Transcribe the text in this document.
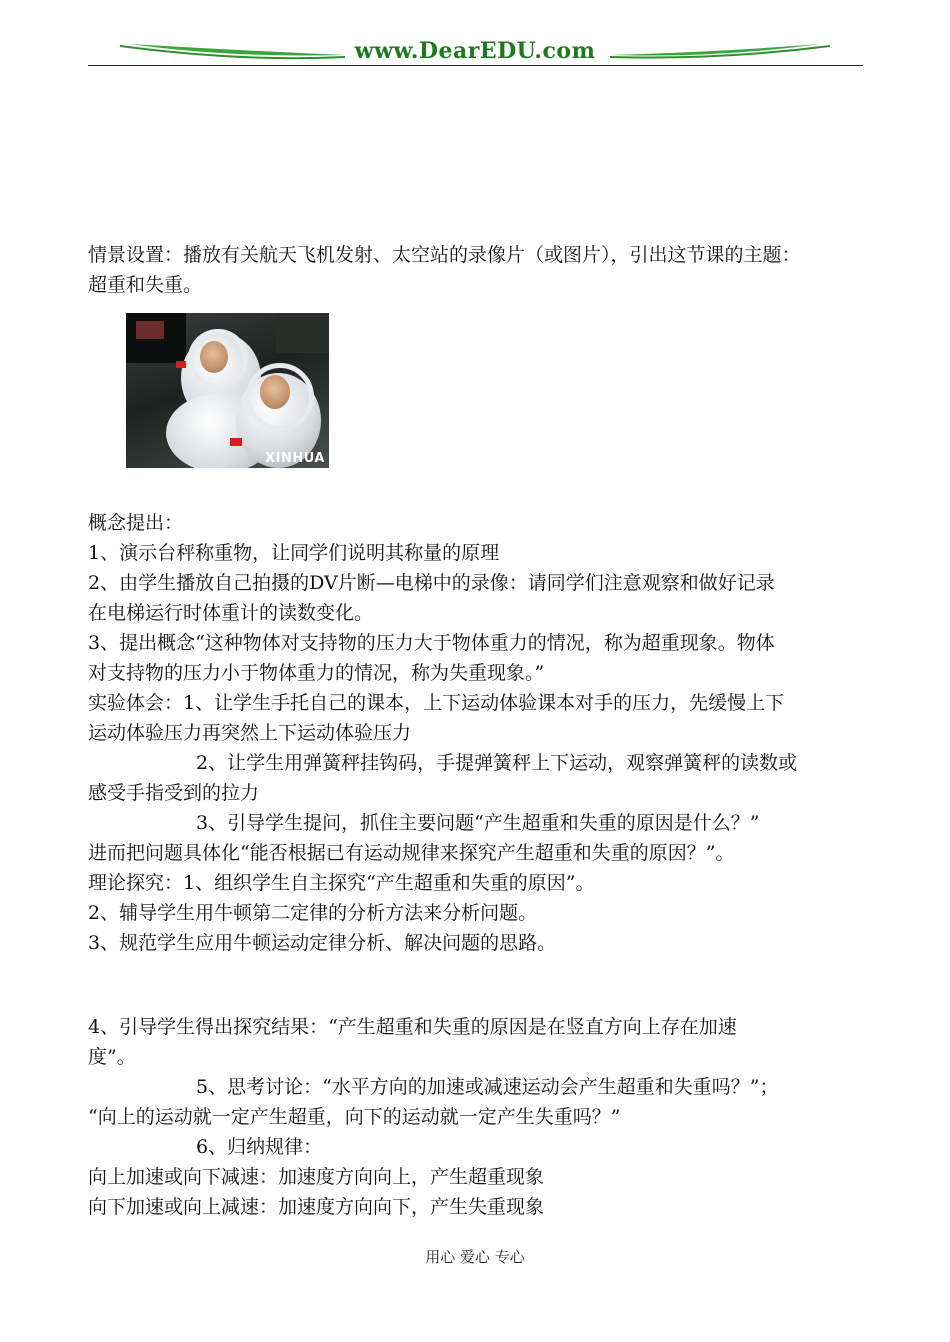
www.DearEDU.com

情景设置：播放有关航天飞机发射、太空站的录像片（或图片），引出这节课的主题：

超重和失重。

XINHUA

概念提出：

1、演示台秤称重物，让同学们说明其称量的原理

2、由学生播放自己拍摄的DV片断—电梯中的录像：请同学们注意观察和做好记录

在电梯运行时体重计的读数变化。

3、提出概念“这种物体对支持物的压力大于物体重力的情况，称为超重现象。物体

对支持物的压力小于物体重力的情况，称为失重现象。”

实验体会：1、让学生手托自己的课本，上下运动体验课本对手的压力，先缓慢上下

运动体验压力再突然上下运动体验压力

2、让学生用弹簧秤挂钩码，手提弹簧秤上下运动，观察弹簧秤的读数或

感受手指受到的拉力

3、引导学生提问，抓住主要问题“产生超重和失重的原因是什么？”

进而把问题具体化“能否根据已有运动规律来探究产生超重和失重的原因？”。

理论探究：1、组织学生自主探究“产生超重和失重的原因”。

2、辅导学生用牛顿第二定律的分析方法来分析问题。

3、规范学生应用牛顿运动定律分析、解决问题的思路。

4、引导学生得出探究结果：“产生超重和失重的原因是在竖直方向上存在加速

度”。

5、思考讨论：“水平方向的加速或减速运动会产生超重和失重吗？”；

“向上的运动就一定产生超重，向下的运动就一定产生失重吗？”

6、归纳规律：

向上加速或向下减速：加速度方向向上，产生超重现象

向下加速或向上减速：加速度方向向下，产生失重现象

用心 爱心 专心
